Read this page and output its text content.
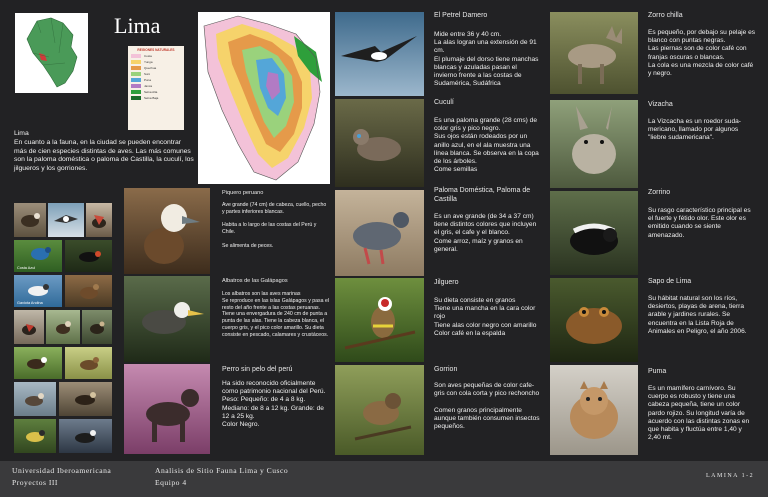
Lima
REGIONES NATURALES
Costa
Yunga
Quechua
Suni
Puna
Janca
Selva Alta
Selva Baja
Lima
En cuanto a la fauna, en la ciudad se pueden encontrar más de cien especies distintas de aves. Las más comunes son la paloma doméstica o paloma de Castilla, la cuculí, los jilgueros y los gorriones.
Costa Azul
Gaviota Andina
Piquero peruano
Ave grande (74 cm) de cabeza, cuello, pecho y partes inferiores blancas.

Habita a lo largo de las costas del Perú y Chile.

Se alimenta de peces.
Albatros de las Galápagos
Los albatros son las aves marinas
Se reproduce en las islas Galápagos y pasa el resto del año frente a las costas peruanas.
Tiene una envergadura de 240 cm de punta a punta de las alas. Tiene la cabeza blanca, el cuerpo gris, y el pico color amarillo. Su dieta consiste en pescado, calamares y crustáceos.
Perro sin pelo del perú
Ha sido reconocido oficialmente como patrimonio nacional del Perú.
Peso: Pequeño: de 4 a 8 kg.
Mediano: de 8 a 12 kg. Grande: de 12 a 25 kg.
Color Negro.
El Petrel Damero
Mide entre 36 y 40 cm.
La alas logran una extensión de 91 cm.
El plumaje del dorso tiene manchas blancas y azuladas pasan el invierno frente a las costas de Sudamérica, Sudáfrica
Cuculí
Es una paloma grande (28 cms) de color gris y pico negro.
Sus ojos están rodeados por un anillo azul, en el ala muestra una línea blanca. Se observa en la copa de los árboles.
Come semillas
Paloma Doméstica, Paloma de Castilla
Es un ave grande (de 34 a 37 cm) tiene distintos colores que incluyen el gris, el cafe y el blanco.
Come arroz, maíz y granos en general.
Jilguero
Su dieta consiste en granos
Tiene una mancha en la cara color rojo
Tiene alas color negro con amarillo
Color café en la espalda
Gorrion
Son aves pequeñas de color cafe-gris con cola corta y pico rechoncho

Comen granos principalmente aunque también consumen insectos pequeños.
Zorro chilla
Es pequeño, por debajo su pelaje es blanco con puntas negras.
Las piernas son de color café con franjas oscuras o blancas.
La cola es una mezcla de color café y negro.
Vizacha
La Vizcacha es un roedor suda-mericano, llamado por algunos "liebre sudamericana".
Zorrino
Su rasgo característico principal es el fuerte y fétido olor. Este olor es emitido cuando se siente amenazado.
Sapo de Lima
Su hábitat natural son los ríos, desiertos, playas de arena, tierra arable y jardines rurales. Se encuentra en la Lista Roja de Animales en Peligro, el año 2006.
Puma
Es un mamífero carnívoro. Su cuerpo es robusto y tiene una cabeza pequeña, tiene un color pardo rojizo. Su longitud varía de acuerdo con las distintas zonas en que habita y fluctúa entre 1,40 y 2,40 mt.
Universidad Iberoamericana
Proyectos III
Analisis de Sitio Fauna Lima y Cusco
Equipo 4
LAMINA 1-2
